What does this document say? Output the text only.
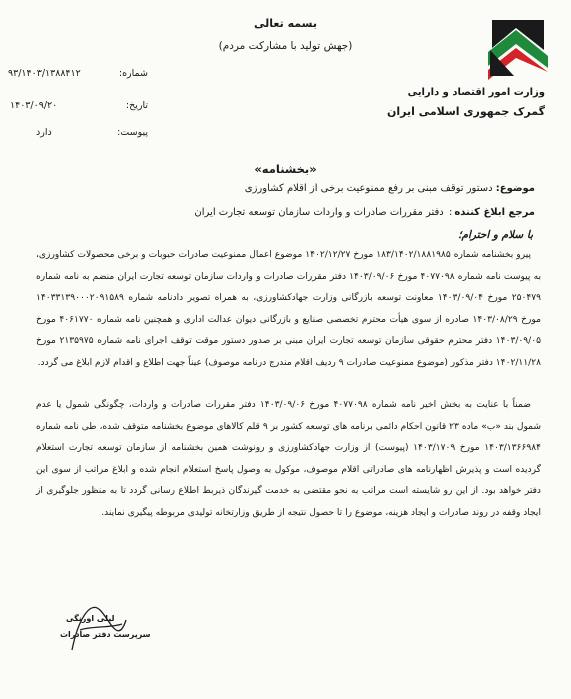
بسمه تعالی
(جهش تولید با مشارکت مردم)
وزارت امور اقتصاد و دارایی
گمرک جمهوری اسلامی ایران
شماره:
۹۳/۱۴۰۳/۱۳۸۸۴۱۲
تاریخ:
۱۴۰۳/۰۹/۲۰
پیوست:
دارد
«بخشنامه»
موضوع: دستور توقف مبنی بر رفع ممنوعیت برخی از اقلام کشاورزی
مرجع ابلاغ کننده: دفتر مقررات صادرات و واردات سازمان توسعه تجارت ایران
با سلام و احترام؛
پیرو بخشنامه شماره ۱۸۳/۱۴۰۲/۱۸۸۱۹۸۵ مورخ ۱۴۰۲/۱۲/۲۷ موضوع اعمال ممنوعیت صادرات حبوبات و برخی محصولات کشاورزی، به پیوست نامه شماره ۴۰۷۷۰۹۸ مورخ ۱۴۰۳/۰۹/۰۶ دفتر مقررات صادرات و واردات سازمان توسعه تجارت ایران منضم به نامه شماره ۲۵۰۴۷۹ مورخ ۱۴۰۳/۰۹/۰۴ معاونت توسعه بازرگانی وزارت جهادکشاورزی، به همراه تصویر دادنامه شماره ۱۴۰۳۳۱۳۹۰۰۰۲۰۹۱۵۸۹ مورخ ۱۴۰۳/۰۸/۲۹ صادره از سوی هیأت محترم تخصصی صنایع و بازرگانی دیوان عدالت اداری و همچنین نامه شماره ۴۰۶۱۷۷۰ مورخ ۱۴۰۳/۰۹/۰۵ دفتر محترم حقوقی سازمان توسعه تجارت ایران مبنی بر صدور دستور موقت توقف اجرای نامه شماره ۲۱۳۵۹۷۵ مورخ ۱۴۰۲/۱۱/۲۸ دفتر مذکور (موضوع ممنوعیت صادرات ۹ ردیف اقلام مندرج درنامه موصوف) عیناً جهت اطلاع و اقدام لازم ابلاغ می گردد.
ضمناً با عنایت به بخش اخیر نامه شماره ۴۰۷۷۰۹۸ مورخ ۱۴۰۳/۰۹/۰۶ دفتر مقررات صادرات و واردات، چگونگی شمول یا عدم شمول بند «ب» ماده ۲۳ قانون احکام دائمی برنامه های توسعه کشور بر ۹ قلم کالاهای موضوع بخشنامه متوقف شده، طی نامه شماره ۱۴۰۳/۱۳۶۶۹۸۴ مورخ ۱۴۰۳/۱۷۰۹ (پیوست) از وزارت جهادکشاورزی و رونوشت همین بخشنامه از سازمان توسعه تجارت استعلام گردیده است و پذیرش اظهارنامه های صادراتی اقلام موصوف، موکول به وصول پاسخ استعلام انجام شده و ابلاغ مراتب از سوی این دفتر خواهد بود. از این رو شایسته است مراتب به نحو مقتضی به خدمت گیرندگان ذیربط اطلاع رسانی گردد تا به منظور جلوگیری از ایجاد وقفه در روند صادرات و ایجاد هزینه، موضوع را تا حصول نتیجه از طریق وزارتخانه تولیدی مربوطه پیگیری نمایند.
لیلی اورنگی
سرپرست دفتر صادرات
